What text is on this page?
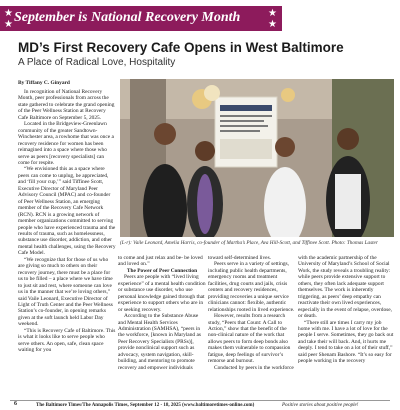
★
★
★
★
September is National Recovery Month
MD’s First Recovery Cafe Opens in West Baltimore
A Place of Radical Love, Hospitality
By Tiffany C. Ginyard

In recognition of National Recovery Month, peer professionals from across the state gathered to celebrate the grand opening of the Peer Wellness Station at Recovery Cafe Baltimore on September 5, 2025.

Located in the Bridgeview-Greenlawn community of the greater Sandtown-Winchester area, a rowhome that was once a recovery residence for women has been reimagined into a space where those who serve as peers [recovery specialists] can come for respite.

“We envisioned this as a space where peers can come to unplug, be appreciated, and ‘fill your cup,’” said Tiffinee Scott, Executive Director of Maryland Peer Advisory Council (MPAC) and co-founder of Peer Wellness Station, an emerging member of the Recovery Cafe Network (RCN). RCN is a growing network of member organizations committed to serving people who have experienced trauma and the results of trauma, such as homelessness, substance use disorder, addiction, and other mental health challenges, using the Recovery Cafe Model.

“We recognize that for those of us who are giving so much to others on their recovery journey, there must be a place for us to be filled – a place where we have time to just sit and rest, where someone can love us in the manner that we’re loving others,” said Vaile Leonard, Executive Director of Light of Truth Center and the Peer Wellness Station’s co-founder, in opening remarks given at the soft launch held Labor Day weekend.

“This is Recovery Cafe of Baltimore. This is what it looks like to serve people who serve others. An open, safe, clean space waiting for you

(L-r): Vaile Leonard, Amelia Harris, co-founder of Martha’s Place, Ava Hill-Scott, and Tiffinee Scott. Photo: Thomas Laster

to come and just relax and be- be loved and loved on.”

The Power of Peer Connection

Peers are people with “lived living experience” of a mental health condition or substance use disorder, who use personal knowledge gained through that experience to support others who are in or seeking recovery.

According to the Substance Abuse and Mental Health Services Administration (SAMHSA), “peers in the workforce, [known in Maryland as Peer Recovery Specialists (PRSs)], provide nonclinical support such as advocacy, system navigation, skill-building, and mentoring to promote recovery and empower individuals

toward self-determined lives.

Peers serve in a variety of settings, including public health departments, emergency rooms and treatment facilities, drug courts and jails, crisis centers and recovery residences, providing recoveries a unique service clinicians cannot: flexible, authentic relationships rooted in lived experience.

However, results from a research study, “Peers that Count: A Call to Action,” show that the benefit of the non-clinical nature of the work that allows peers to form deep bonds also makes them vulnerable to compassion fatigue, deep feelings of survivor’s remorse and burnout.

Conducted by peers in the workforce

with the academic partnership of the University of Maryland’s School of Social Work, the study reveals a troubling reality: while peers provide extensive support to others, they often lack adequate support themselves. The work is inherently triggering, as peers’ deep empathy can reactivate their own lived experiences, especially in the event of relapse, overdose, or death.

“There still are times I carry my job home with me. I have a lot of love for the people I serve. Sometimes, they go back out and take their will back. And, it hurts me deeply. I tend to take on a lot of their stuff,” said peer Shenam Bashore. “It’s so easy for people working in the recovery

6	The Baltimore Times/The Annapolis Times, September 12 - 18, 2025 (www.baltimoretimes-online.com)	Positive stories about positive people!
